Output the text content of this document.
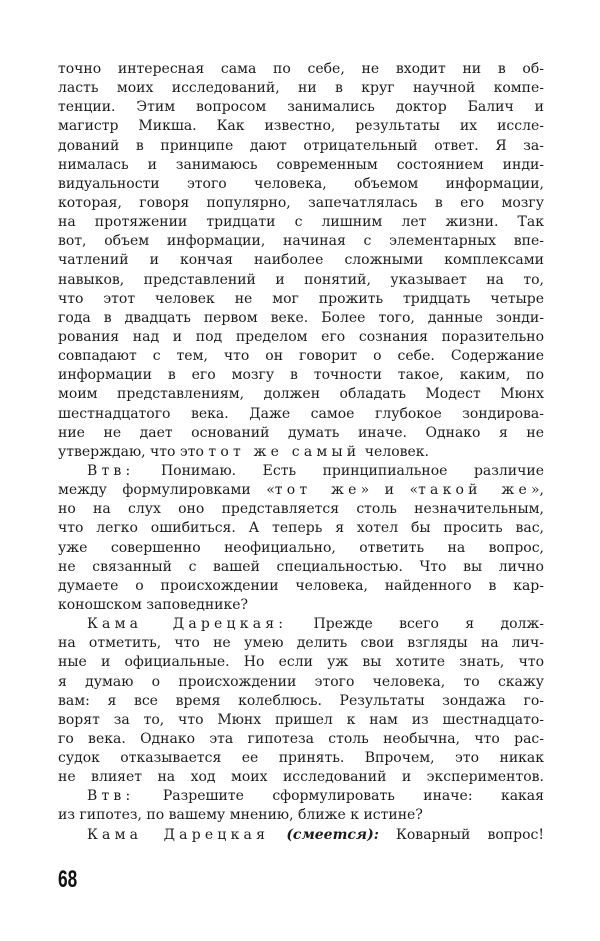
точно интересная сама по себе, не входит ни в об-
ласть моих исследований, ни в круг научной компе-
тенции. Этим вопросом занимались доктор Балич и
магистр Микша. Как известно, результаты их иссле-
дований в принципе дают отрицательный ответ. Я за-
нималась и занимаюсь современным состоянием инди-
видуальности этого человека, объемом информации,
которая, говоря популярно, запечатлялась в его мозгу
на протяжении тридцати с лишним лет жизни. Так
вот, объем информации, начиная с элементарных впе-
чатлений и кончая наиболее сложными комплексами
навыков, представлений и понятий, указывает на то,
что этот человек не мог прожить тридцать четыре
года в двадцать первом веке. Более того, данные зонди-
рования над и под пределом его сознания поразительно
совпадают с тем, что он говорит о себе. Содержание
информации в его мозгу в точности такое, каким, по
моим представлениям, должен обладать Модест Мюнх
шестнадцатого века. Даже самое глубокое зондирова-
ние не дает оснований думать иначе. Однако я не
утверждаю, что это тот же самый человек.
Втв: Понимаю. Есть принципиальное различие
между формулировками «тот же» и «такой же»,
но на слух оно представляется столь незначительным,
что легко ошибиться. А теперь я хотел бы просить вас,
уже совершенно неофициально, ответить на вопрос,
не связанный с вашей специальностью. Что вы лично
думаете о происхождении человека, найденного в кар-
коношском заповеднике?
Кама Дарецкая: Прежде всего я долж-
на отметить, что не умею делить свои взгляды на лич-
ные и официальные. Но если уж вы хотите знать, что
я думаю о происхождении этого человека, то скажу
вам: я все время колеблюсь. Результаты зондажа го-
ворят за то, что Мюнх пришел к нам из шестнадцато-
го века. Однако эта гипотеза столь необычна, что рас-
судок отказывается ее принять. Впрочем, это никак
не влияет на ход моих исследований и экспериментов.
Втв: Разрешите сформулировать иначе: какая
из гипотез, по вашему мнению, ближе к истине?
Кама Дарецкая (смеется): Коварный вопрос!
68
